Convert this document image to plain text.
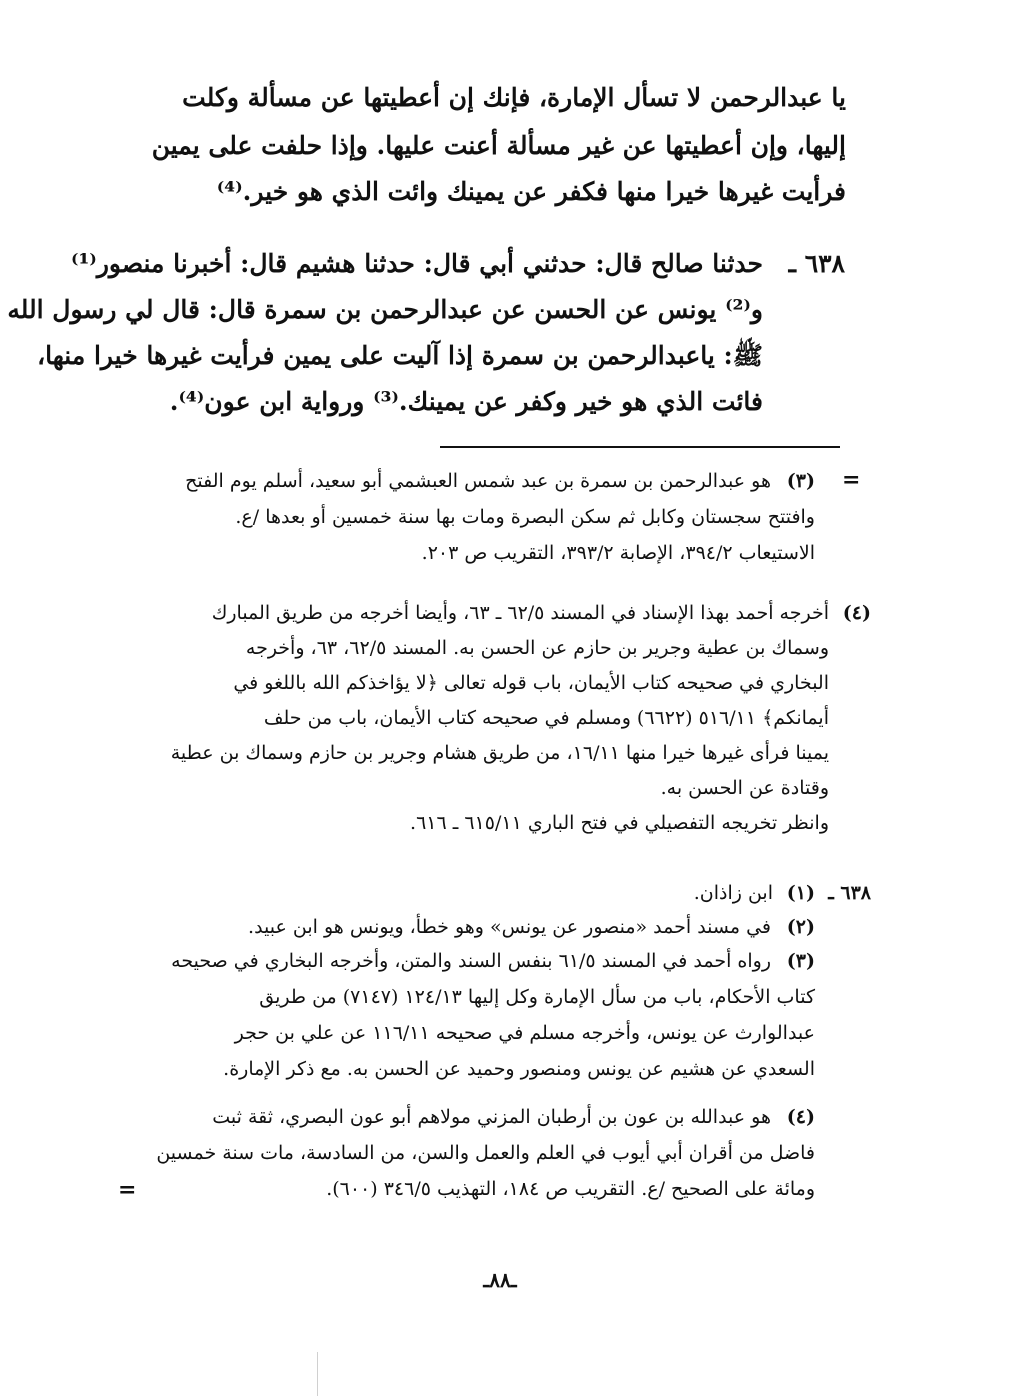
يا عبدالرحمن لا تسأل الإمارة، فإنك إن أعطيتها عن مسألة وكلت
إليها، وإن أعطيتها عن غير مسألة أعنت عليها. وإذا حلفت على يمين
فرأيت غيرها خيرا منها فكفر عن يمينك وائت الذي هو خير.⁽⁴⁾
٦٣٨ ـ
حدثنا صالح قال: حدثني أبي قال: حدثنا هشيم قال: أخبرنا منصور⁽¹⁾
و⁽²⁾ يونس عن الحسن عن عبدالرحمن بن سمرة قال: قال لي رسول الله
ﷺ: ياعبدالرحمن بن سمرة إذا آليت على يمين فرأيت غيرها خيرا منها،
فائت الذي هو خير وكفر عن يمينك.⁽³⁾ ورواية ابن عون⁽⁴⁾.
=
(٣)
هو عبدالرحمن بن سمرة بن عبد شمس العبشمي أبو سعيد، أسلم يوم الفتح
وافتتح سجستان وكابل ثم سكن البصرة ومات بها سنة خمسين أو بعدها /ع.
الاستيعاب ٣٩٤/٢، الإصابة ٣٩٣/٢، التقريب ص ٢٠٣.
(٤)
أخرجه أحمد بهذا الإسناد في المسند ٦٢/٥ ـ ٦٣، وأيضا أخرجه من طريق المبارك
وسماك بن عطية وجرير بن حازم عن الحسن به. المسند ٦٢/٥، ٦٣، وأخرجه
البخاري في صحيحه كتاب الأيمان، باب قوله تعالى ﴿لا يؤاخذكم الله باللغو في
أيمانكم﴾ ٥١٦/١١ (٦٦٢٢) ومسلم في صحيحه كتاب الأيمان، باب من حلف
يمينا فرأى غيرها خيرا منها ١٦/١١، من طريق هشام وجرير بن حازم وسماك بن عطية
وقتادة عن الحسن به.
وانظر تخريجه التفصيلي في فتح الباري ٦١٥/١١ ـ ٦١٦.
٦٣٨ ـ
(١)
ابن زاذان.
(٢)
في مسند أحمد «منصور عن يونس» وهو خطأ، ويونس هو ابن عبيد.
(٣)
رواه أحمد في المسند ٦١/٥ بنفس السند والمتن، وأخرجه البخاري في صحيحه
كتاب الأحكام، باب من سأل الإمارة وكل إليها ١٢٤/١٣ (٧١٤٧) من طريق
عبدالوارث عن يونس، وأخرجه مسلم في صحيحه ١١٦/١١ عن علي بن حجر
السعدي عن هشيم عن يونس ومنصور وحميد عن الحسن به. مع ذكر الإمارة.
(٤)
هو عبدالله بن عون بن أرطبان المزني مولاهم أبو عون البصري، ثقة ثبت
فاضل من أقران أبي أيوب في العلم والعمل والسن، من السادسة، مات سنة خمسين
ومائة على الصحيح /ع. التقريب ص ١٨٤، التهذيب ٣٤٦/٥ (٦٠٠).
=
ـ٨٨ـ
